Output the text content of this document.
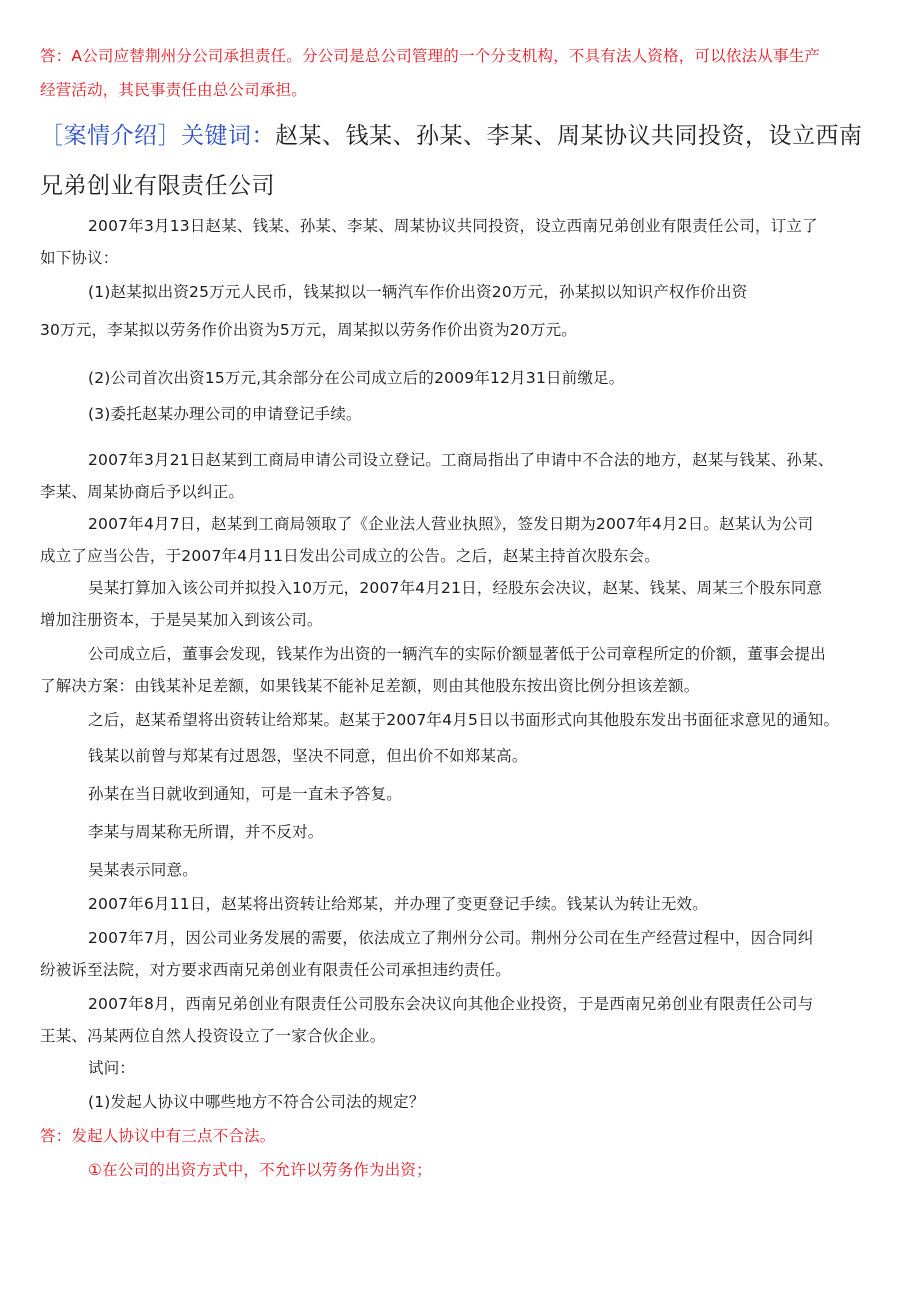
答：A公司应替荆州分公司承担责任。分公司是总公司管理的一个分支机构，不具有法人资格，可以依法从事生产

经营活动，其民事责任由总公司承担。

［案情介绍］关键词：赵某、钱某、孙某、李某、周某协议共同投资，设立西南

兄弟创业有限责任公司

2007年3月13日赵某、钱某、孙某、李某、周某协议共同投资，设立西南兄弟创业有限责任公司，订立了

如下协议：

(1)赵某拟出资25万元人民币，钱某拟以一辆汽车作价出资20万元，孙某拟以知识产权作价出资

30万元，李某拟以劳务作价出资为5万元，周某拟以劳务作价出资为20万元。

(2)公司首次出资15万元,其余部分在公司成立后的2009年12月31日前缴足。

(3)委托赵某办理公司的申请登记手续。

2007年3月21日赵某到工商局申请公司设立登记。工商局指出了申请中不合法的地方，赵某与钱某、孙某、

李某、周某协商后予以纠正。

2007年4月7日，赵某到工商局领取了《企业法人营业执照》，签发日期为2007年4月2日。赵某认为公司

成立了应当公告，于2007年4月11日发出公司成立的公告。之后，赵某主持首次股东会。

吴某打算加入该公司并拟投入10万元，2007年4月21日，经股东会决议，赵某、钱某、周某三个股东同意

增加注册资本，于是吴某加入到该公司。

公司成立后，董事会发现，钱某作为出资的一辆汽车的实际价额显著低于公司章程所定的价额，董事会提出

了解决方案：由钱某补足差额，如果钱某不能补足差额，则由其他股东按出资比例分担该差额。

之后，赵某希望将出资转让给郑某。赵某于2007年4月5日以书面形式向其他股东发出书面征求意见的通知。

钱某以前曾与郑某有过恩怨，坚决不同意，但出价不如郑某高。

孙某在当日就收到通知，可是一直未予答复。

李某与周某称无所谓，并不反对。

吴某表示同意。

2007年6月11日，赵某将出资转让给郑某，并办理了变更登记手续。钱某认为转让无效。

2007年7月，因公司业务发展的需要，依法成立了荆州分公司。荆州分公司在生产经营过程中，因合同纠

纷被诉至法院，对方要求西南兄弟创业有限责任公司承担违约责任。

2007年8月，西南兄弟创业有限责任公司股东会决议向其他企业投资，于是西南兄弟创业有限责任公司与

王某、冯某两位自然人投资设立了一家合伙企业。

试问：

(1)发起人协议中哪些地方不符合公司法的规定？

答：发起人协议中有三点不合法。

①在公司的出资方式中，不允许以劳务作为出资；
